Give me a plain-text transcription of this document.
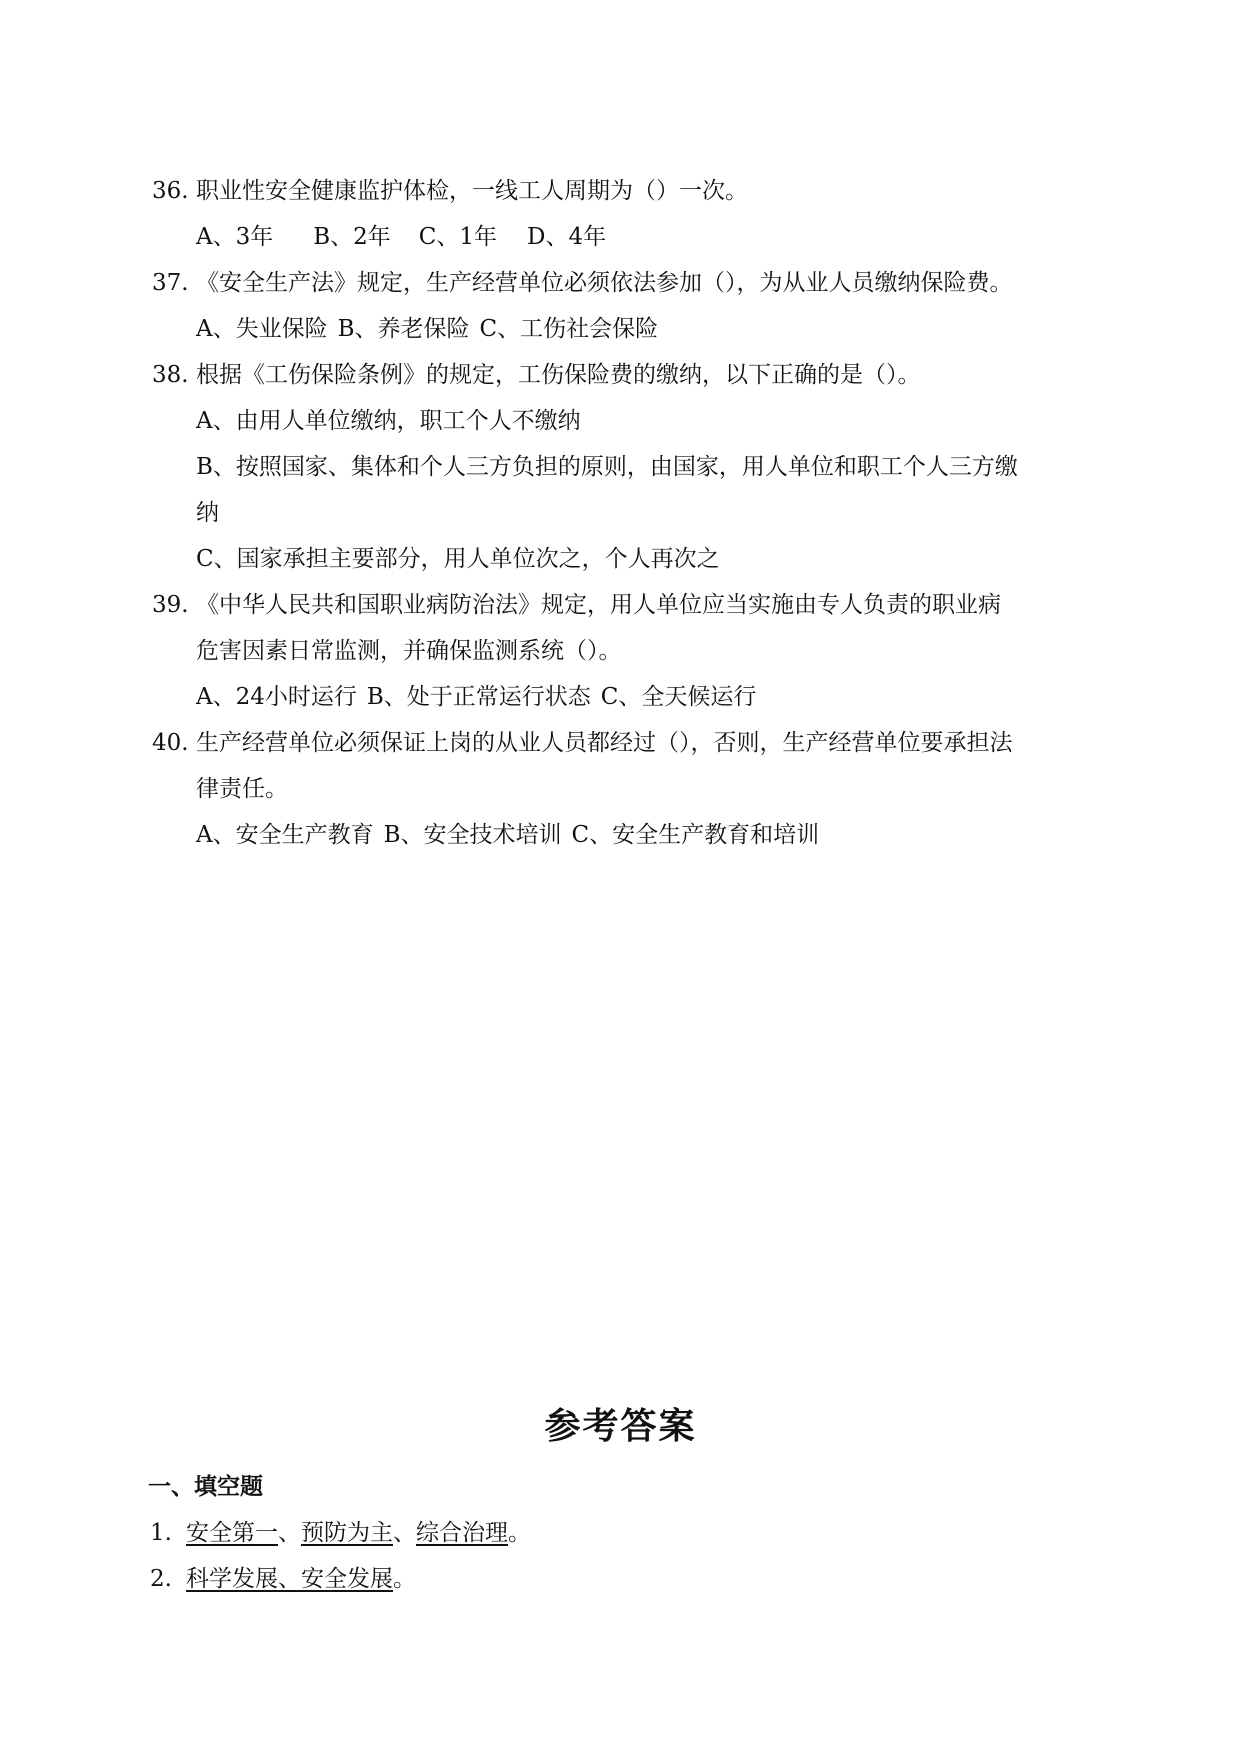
36. 职业性安全健康监护体检，一线工人周期为（）一次。
A、3年 B、2年 C、1年 D、4年
37. 《安全生产法》规定，生产经营单位必须依法参加（），为从业人员缴纳保险费。
A、失业保险 B、养老保险 C、工伤社会保险
38. 根据《工伤保险条例》的规定，工伤保险费的缴纳，以下正确的是（）。
A、由用人单位缴纳，职工个人不缴纳
B、按照国家、集体和个人三方负担的原则，由国家，用人单位和职工个人三方缴
纳
C、国家承担主要部分，用人单位次之，个人再次之
39. 《中华人民共和国职业病防治法》规定，用人单位应当实施由专人负责的职业病
危害因素日常监测，并确保监测系统（）。
A、24小时运行 B、处于正常运行状态 C、全天候运行
40. 生产经营单位必须保证上岗的从业人员都经过（），否则，生产经营单位要承担法
律责任。
A、安全生产教育 B、安全技术培训 C、安全生产教育和培训
参考答案
一、填空题
1. 安全第一、预防为主、综合治理。
2. 科学发展、安全发展。
